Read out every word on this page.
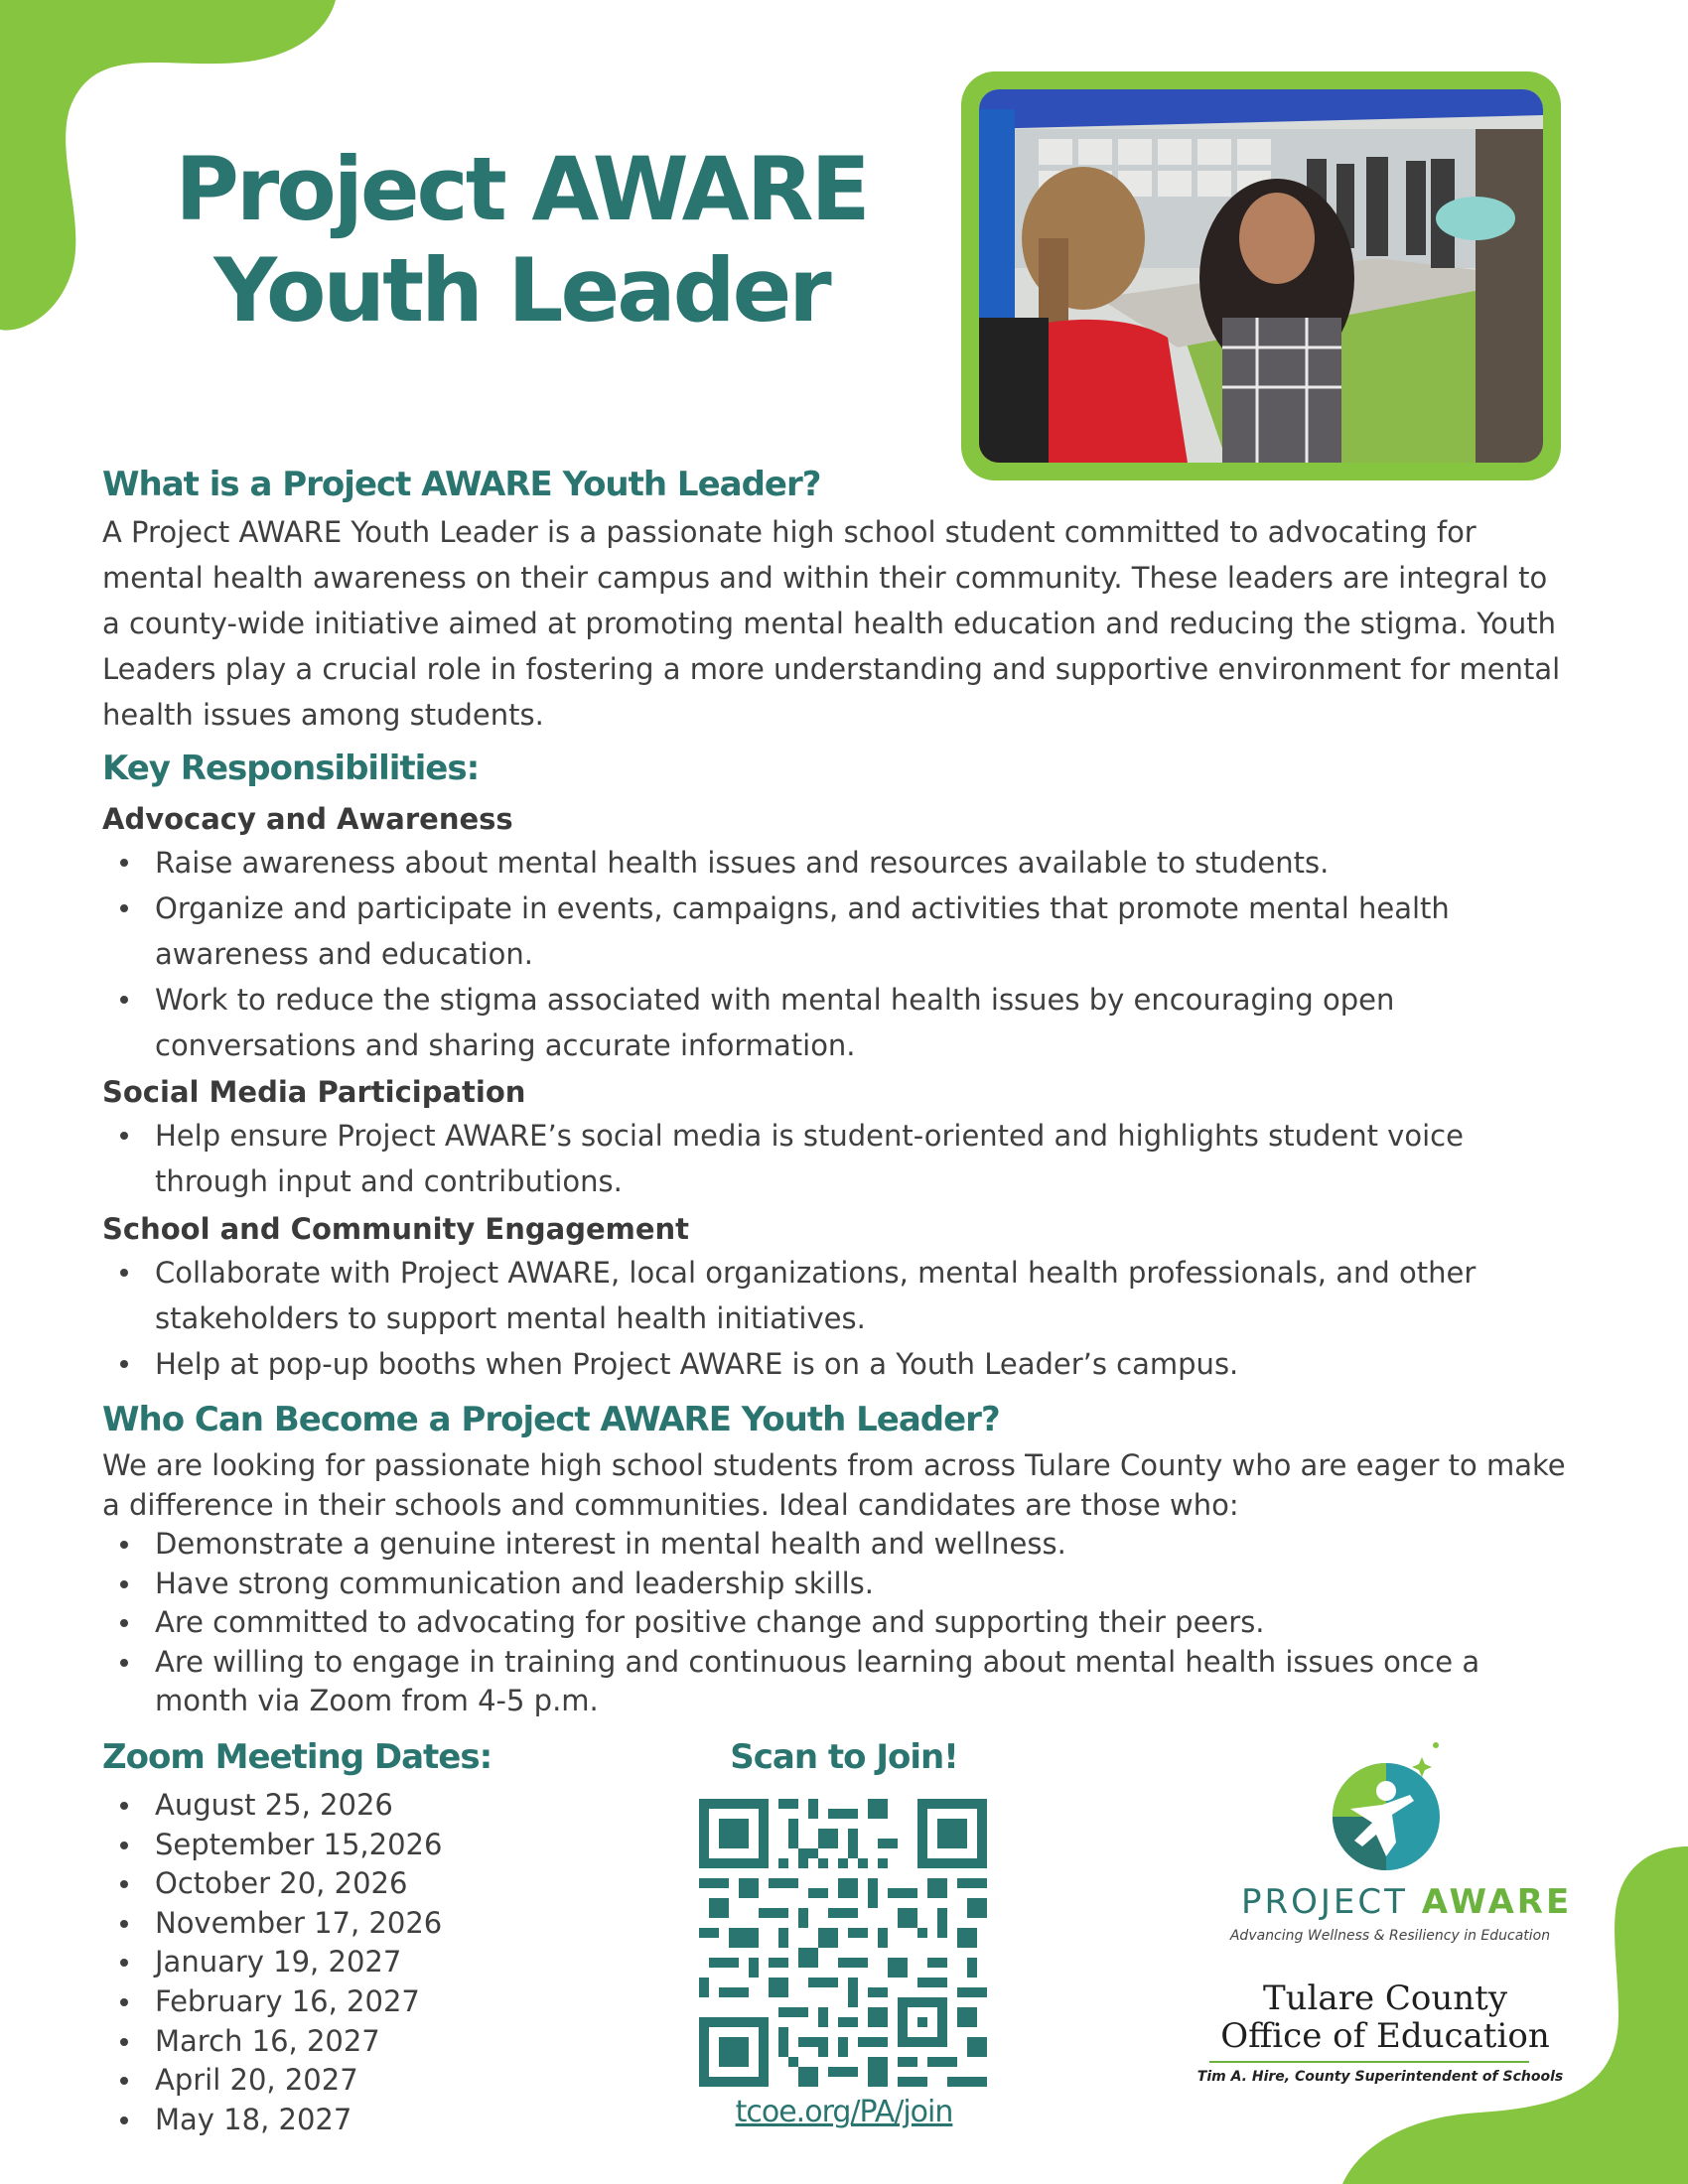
Project AWARE
Youth Leader
What is a Project AWARE Youth Leader?

A Project AWARE Youth Leader is a passionate high school student committed to advocating for mental health awareness on their campus and within their community. These leaders are integral to a county-wide initiative aimed at promoting mental health education and reducing the stigma. Youth Leaders play a crucial role in fostering a more understanding and supportive environment for mental health issues among students.

Key Responsibilities:
Advocacy and Awareness
Raise awareness about mental health issues and resources available to students.
Organize and participate in events, campaigns, and activities that promote mental health awareness and education.
Work to reduce the stigma associated with mental health issues by encouraging open conversations and sharing accurate information.
Social Media Participation
Help ensure Project AWARE’s social media is student-oriented and highlights student voice through input and contributions.
School and Community Engagement
Collaborate with Project AWARE, local organizations, mental health professionals, and other stakeholders to support mental health initiatives.
Help at pop-up booths when Project AWARE is on a Youth Leader’s campus.
Who Can Become a Project AWARE Youth Leader?

We are looking for passionate high school students from across Tulare County who are eager to make a difference in their schools and communities. Ideal candidates are those who:

Demonstrate a genuine interest in mental health and wellness.
Have strong communication and leadership skills.
Are committed to advocating for positive change and supporting their peers.
Are willing to engage in training and continuous learning about mental health issues once a month via Zoom from 4-5 p.m.
Zoom Meeting Dates:
August 25, 2026
September 15,2026
October 20, 2026
November 17, 2026
January 19, 2027
February 16, 2027
March 16, 2027
April 20, 2027
May 18, 2027
Scan to Join!
tcoe.org/PA/join
PROJECT AWARE
Advancing Wellness & Resiliency in Education
Tulare County
Office of Education
Tim A. Hire, County Superintendent of Schools
